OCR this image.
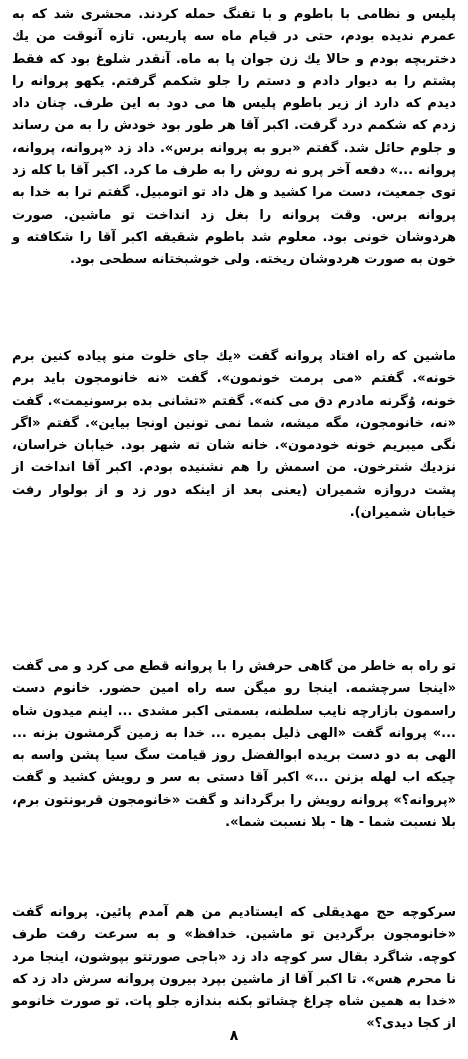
پلیس و نظامی با باطوم و با تفنگ حمله کردند. محشری شد که به عمرم ندیده بودم، حتی در قیام ماه سه پاریس. تازه آنوقت من یك دختربچه بودم و حالا یك زن جوان پا به ماه. آنقدر شلوغ بود که فقط پشتم را به دیوار دادم و دستم را جلو شکمم گرفتم. یکهو پروانه را دیدم که دارد از زیر باطوم پلیس ها می دود به این طرف. چنان داد زدم که شکمم درد گرفت. اکبر آقا هر طور بود خودش را به من رساند و جلوم حائل شد. گفتم «برو به پروانه برس». داد زد «پروانه، پروانه، پروانه ...» دفعه آخر پرو نه روش را به طرف ما کرد. اکبر آقا با کله زد توی جمعیت، دست مرا کشید و هل داد تو اتومبیل. گفتم ترا به خدا به پروانه برس. وقت پروانه را بغل زد انداخت تو ماشین. صورت هردوشان خونی بود. معلوم شد باطوم شقیقه اکبر آقا را شکافته و خون به صورت هردوشان ریخته. ولی خوشبختانه سطحی بود.

ماشین که راه افتاد پروانه گفت «یك جای خلوت منو پیاده کنین برم خونه». گفتم «می برمت خونمون». گفت «نه خانومجون باید برم خونه، وُگرنه مادرم دق می کنه». گفتم «تشانی بده برسونیمت». گفت «نه، خانومجون، مگه میشه، شما نمی تونین اونجا بیاین». گفتم «اگر نگی میبریم خونه خودمون». خانه شان ته شهر بود. خیابان خراسان، نزدیك شترخون. من اسمش را هم نشنیده بودم. اکبر آقا انداخت از پشت دروازه شمیران (یعنی بعد از اینکه دور زد و از بولوار رفت خیابان شمیران).

تو راه به خاطر من گاهی حرفش را با پروانه قطع می کرد و می گفت «اینجا سرچشمه. اینجا رو میگن سه راه امین حضور. خانوم دست راسمون بازارچه نایب سلطنه، بسمتی اکبر مشدی ... اینم میدون شاه ...» پروانه گفت «الهی ذلیل بمیره ... خدا به زمین گرمشون بزنه ... الهی به دو دست بریده ابوالفضل روز قیامت سگ سیا پشن واسه به چیکه اب لهله بزنن ...» اکبر آقا دستی به سر و رویش کشید و گفت «پروانه؟» پروانه رویش را برگرداند و گفت «خانومجون قربونتون برم، بلا نسبت شما - ها - بلا نسبت شما».

سرکوچه حج مهدیقلی که ایستادیم من هم آمدم پائین. پروانه گفت «خانومجون برگردین تو ماشین. خدافظ» و به سرعت رفت طرف کوچه. شاگرد بقال سر کوچه داد زد «باجی صورتتو بپوشون، اینجا مرد نا محرم هس». تا اکبر آقا از ماشین بپرد بیرون پروانه سرش داد زد که «خدا به همین شاه چراغ چشاتو بکنه بندازه جلو پات. تو صورت خانومو از کجا دیدی؟»

۸
